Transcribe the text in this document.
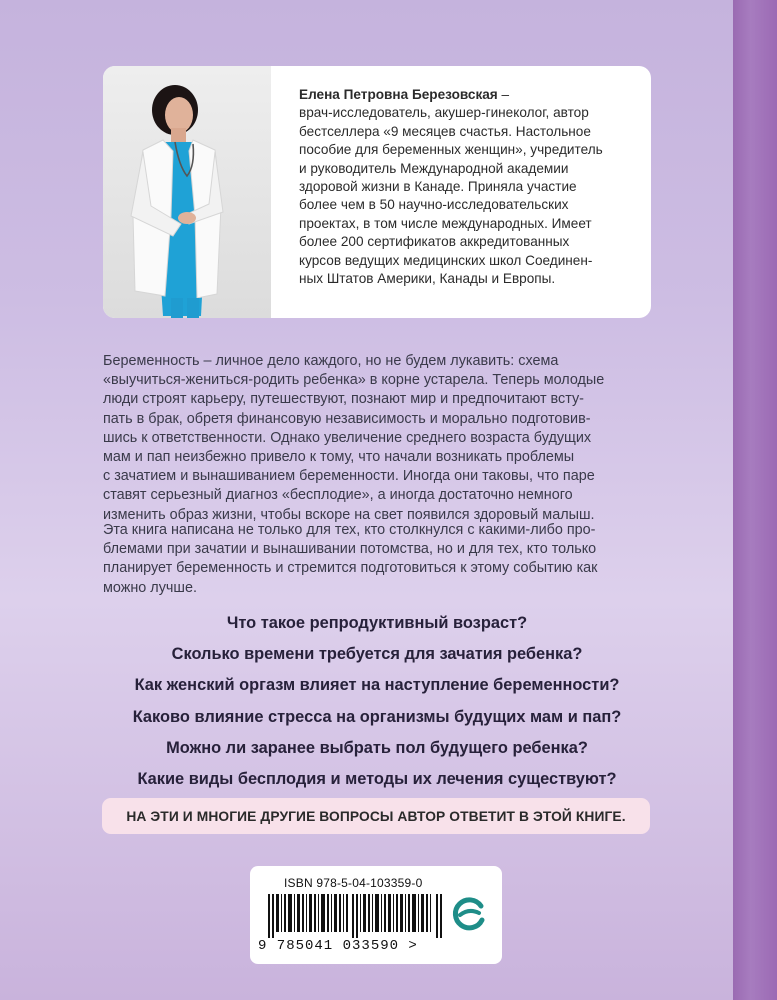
Елена Петровна Березовская –
врач-исследователь, акушер-гинеколог, автор
бестселлера «9 месяцев счастья. Настольное
пособие для беременных женщин», учредитель
и руководитель Международной академии
здоровой жизни в Канаде. Приняла участие
более чем в 50 научно-исследовательских
проектах, в том числе международных. Имеет
более 200 сертификатов аккредитованных
курсов ведущих медицинских школ Соединен-
ных Штатов Америки, Канады и Европы.
Беременность – личное дело каждого, но не будем лукавить: схема
«выучиться-жениться-родить ребенка» в корне устарела. Теперь молодые
люди строят карьеру, путешествуют, познают мир и предпочитают всту-
пать в брак, обретя финансовую независимость и морально подготовив-
шись к ответственности. Однако увеличение среднего возраста будущих
мам и пап неизбежно привело к тому, что начали возникать проблемы
с зачатием и вынашиванием беременности. Иногда они таковы, что паре
ставят серьезный диагноз «бесплодие», а иногда достаточно немного
изменить образ жизни, чтобы вскоре на свет появился здоровый малыш.
Эта книга написана не только для тех, кто столкнулся с какими-либо про-
блемами при зачатии и вынашивании потомства, но и для тех, кто только
планирует беременность и стремится подготовиться к этому событию как
можно лучше.
Что такое репродуктивный возраст?
Сколько времени требуется для зачатия ребенка?
Как женский оргазм влияет на наступление беременности?
Каково влияние стресса на организмы будущих мам и пап?
Можно ли заранее выбрать пол будущего ребенка?
Какие виды бесплодия и методы их лечения существуют?
НА ЭТИ И МНОГИЕ ДРУГИЕ ВОПРОСЫ АВТОР ОТВЕТИТ В ЭТОЙ КНИГЕ.
ISBN 978-5-04-103359-0
9 785041 033590 >
